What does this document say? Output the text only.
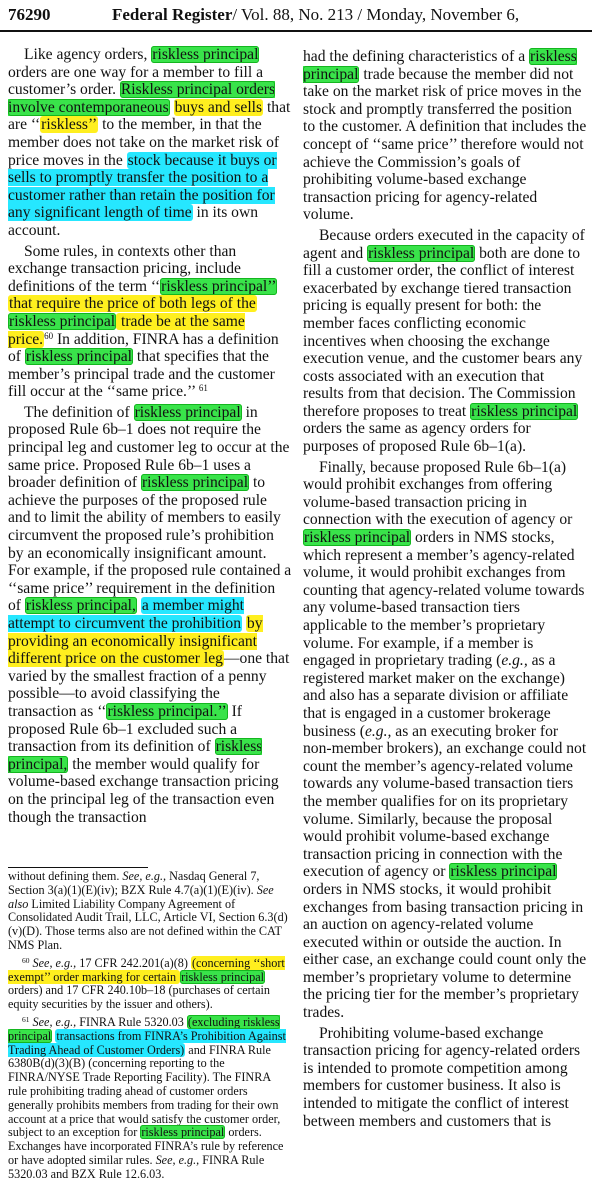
76290	Federal Register/ Vol. 88, No. 213 / Monday, November 6,

Like agency orders, riskless principal orders are one way for a member to fill a customer’s order. Riskless principal orders involve contemporaneous buys and sells that are ‘‘riskless’’ to the member, in that the member does not take on the market risk of price moves in the stock because it buys or sells to promptly transfer the position to a customer rather than retain the position for any significant length of time in its own account.

Some rules, in contexts other than exchange transaction pricing, include definitions of the term ‘‘riskless principal’’ that require the price of both legs of the riskless principal trade be at the same price.$^{60}$ In addition, FINRA has a definition of riskless principal that specifies that the member’s principal trade and the customer fill occur at the ‘‘same price.’’ $^{61}$

The definition of riskless principal in proposed Rule 6b–1 does not require the principal leg and customer leg to occur at the same price. Proposed Rule 6b–1 uses a broader definition of riskless principal to achieve the purposes of the proposed rule and to limit the ability of members to easily circumvent the proposed rule’s prohibition by an economically insignificant amount. For example, if the proposed rule contained a ‘‘same price’’ requirement in the definition of riskless principal, a member might attempt to circumvent the prohibition by providing an economically insignificant different price on the customer leg—one that varied by the smallest fraction of a penny possible—to avoid classifying the transaction as ‘‘riskless principal.’’ If proposed Rule 6b–1 excluded such a transaction from its definition of riskless principal, the member would qualify for volume-based exchange transaction pricing on the principal leg of the transaction even though the transaction

without defining them. See, e.g., Nasdaq General 7, Section 3(a)(1)(E)(iv); BZX Rule 4.7(a)(1)(E)(iv). See also Limited Liability Company Agreement of Consolidated Audit Trail, LLC, Article VI, Section 6.3(d)(v)(D). Those terms also are not defined within the CAT NMS Plan.

$^{60}$ See, e.g., 17 CFR 242.201(a)(8) (concerning ‘‘short exempt’’ order marking for certain riskless principal orders) and 17 CFR 240.10b–18 (purchases of certain equity securities by the issuer and others).

$^{61}$ See, e.g., FINRA Rule 5320.03 (excluding riskless principal transactions from FINRA’s Prohibition Against Trading Ahead of Customer Orders) and FINRA Rule 6380B(d)(3)(B) (concerning reporting to the FINRA/NYSE Trade Reporting Facility). The FINRA rule prohibiting trading ahead of customer orders generally prohibits members from trading for their own account at a price that would satisfy the customer order, subject to an exception for riskless principal orders. Exchanges have incorporated FINRA’s rule by reference or have adopted similar rules. See, e.g., FINRA Rule 5320.03 and BZX Rule 12.6.03.

had the defining characteristics of a riskless principal trade because the member did not take on the market risk of price moves in the stock and promptly transferred the position to the customer. A definition that includes the concept of ‘‘same price’’ therefore would not achieve the Commission’s goals of prohibiting volume-based exchange transaction pricing for agency-related volume.

Because orders executed in the capacity of agent and riskless principal both are done to fill a customer order, the conflict of interest exacerbated by exchange tiered transaction pricing is equally present for both: the member faces conflicting economic incentives when choosing the exchange execution venue, and the customer bears any costs associated with an execution that results from that decision. The Commission therefore proposes to treat riskless principal orders the same as agency orders for purposes of proposed Rule 6b–1(a).

Finally, because proposed Rule 6b–1(a) would prohibit exchanges from offering volume-based transaction pricing in connection with the execution of agency or riskless principal orders in NMS stocks, which represent a member’s agency-related volume, it would prohibit exchanges from counting that agency-related volume towards any volume-based transaction tiers applicable to the member’s proprietary volume. For example, if a member is engaged in proprietary trading (e.g., as a registered market maker on the exchange) and also has a separate division or affiliate that is engaged in a customer brokerage business (e.g., as an executing broker for non-member brokers), an exchange could not count the member’s agency-related volume towards any volume-based transaction tiers the member qualifies for on its proprietary volume. Similarly, because the proposal would prohibit volume-based exchange transaction pricing in connection with the execution of agency or riskless principal orders in NMS stocks, it would prohibit exchanges from basing transaction pricing in an auction on agency-related volume executed within or outside the auction. In either case, an exchange could count only the member’s proprietary volume to determine the pricing tier for the member’s proprietary trades.

Prohibiting volume-based exchange transaction pricing for agency-related orders is intended to promote competition among members for customer business. It also is intended to mitigate the conflict of interest between members and customers that is
